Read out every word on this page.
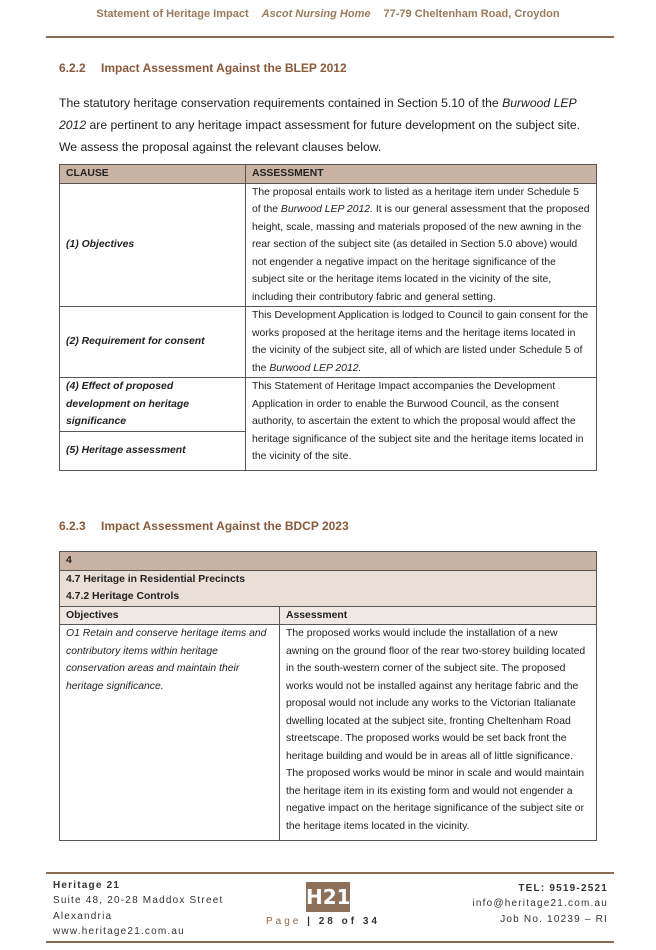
Statement of Heritage Impact Ascot Nursing Home 77-79 Cheltenham Road, Croydon
6.2.2 Impact Assessment Against the BLEP 2012
The statutory heritage conservation requirements contained in Section 5.10 of the Burwood LEP 2012 are pertinent to any heritage impact assessment for future development on the subject site. We assess the proposal against the relevant clauses below.
CLAUSE	ASSESSMENT
(1) Objectives	The proposal entails work to listed as a heritage item under Schedule 5 of the Burwood LEP 2012. It is our general assessment that the proposed height, scale, massing and materials proposed of the new awning in the rear section of the subject site (as detailed in Section 5.0 above) would not engender a negative impact on the heritage significance of the subject site or the heritage items located in the vicinity of the site, including their contributory fabric and general setting.
(2) Requirement for consent	This Development Application is lodged to Council to gain consent for the works proposed at the heritage items and the heritage items located in the vicinity of the subject site, all of which are listed under Schedule 5 of the Burwood LEP 2012.
(4) Effect of proposed development on heritage significance	This Statement of Heritage Impact accompanies the Development Application in order to enable the Burwood Council, as the consent authority, to ascertain the extent to which the proposal would affect the heritage significance of the subject site and the heritage items located in the vicinity of the site.
(5) Heritage assessment	
6.2.3 Impact Assessment Against the BDCP 2023
4	

4.7 Heritage in Residential Precincts
4.7.2 Heritage Controls	

Objectives	Assessment
O1 Retain and conserve heritage items and contributory items within heritage conservation areas and maintain their heritage significance.	The proposed works would include the installation of a new awning on the ground floor of the rear two-storey building located in the south-western corner of the subject site. The proposed works would not be installed against any heritage fabric and the proposal would not include any works to the Victorian Italianate dwelling located at the subject site, fronting Cheltenham Road streetscape. The proposed works would be set back front the heritage building and would be in areas all of little significance. The proposed works would be minor in scale and would maintain the heritage item in its existing form and would not engender a negative impact on the heritage significance of the subject site or the heritage items located in the vicinity.
Heritage 21
Suite 48, 20-28 Maddox Street
Alexandria
www.heritage21.com.au
H21
Page | 28 of 34
TEL: 9519-2521
info@heritage21.com.au
Job No. 10239 – RI
